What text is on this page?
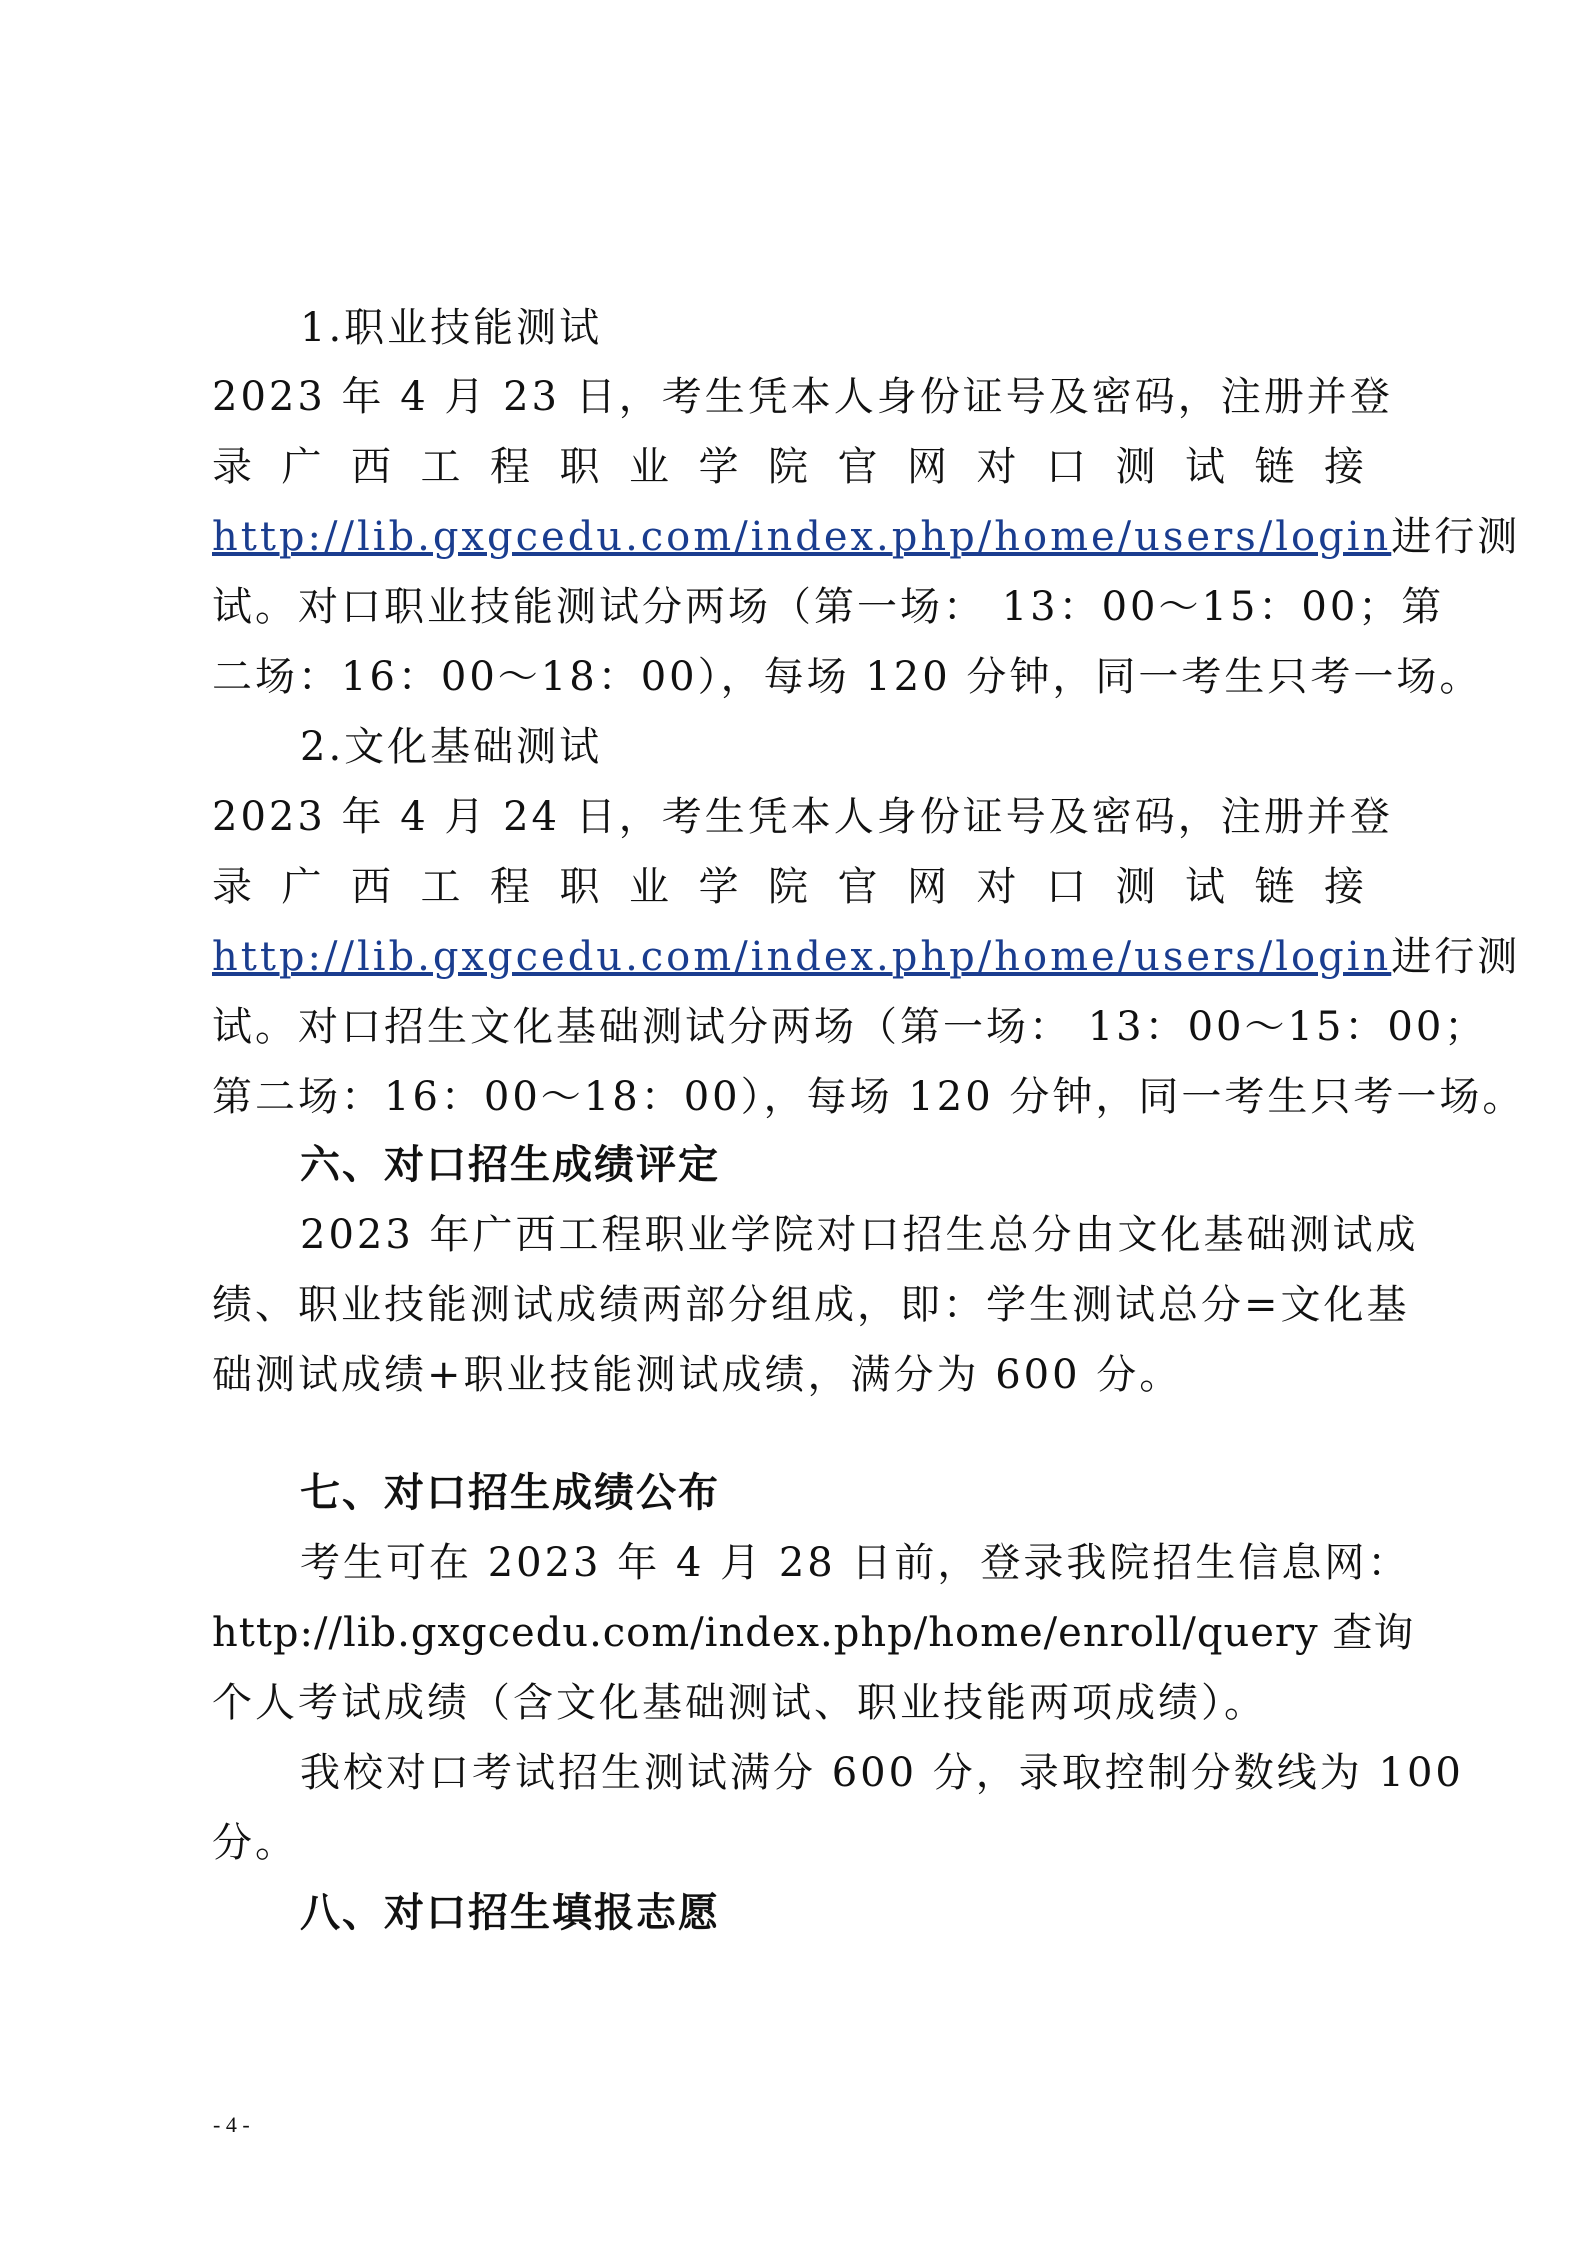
1.职业技能测试
2023 年 4 月 23 日，考生凭本人身份证号及密码，注册并登
录广西工程职业学院官网对口测试链接
http://lib.gxgcedu.com/index.php/home/users/login进行测
试。对口职业技能测试分两场（第一场： 13：00～15：00；第
二场：16：00～18：00），每场 120 分钟，同一考生只考一场。
2.文化基础测试
2023 年 4 月 24 日，考生凭本人身份证号及密码，注册并登
录广西工程职业学院官网对口测试链接
http://lib.gxgcedu.com/index.php/home/users/login进行测
试。对口招生文化基础测试分两场（第一场： 13：00～15：00；
第二场：16：00～18：00），每场 120 分钟，同一考生只考一场。
六、对口招生成绩评定
2023 年广西工程职业学院对口招生总分由文化基础测试成
绩、职业技能测试成绩两部分组成，即：学生测试总分=文化基
础测试成绩+职业技能测试成绩，满分为 600 分。
七、对口招生成绩公布
考生可在 2023 年 4 月 28 日前，登录我院招生信息网：
http://lib.gxgcedu.com/index.php/home/enroll/query 查询
个人考试成绩（含文化基础测试、职业技能两项成绩）。
我校对口考试招生测试满分 600 分，录取控制分数线为 100
分。
八、对口招生填报志愿
- 4 -
